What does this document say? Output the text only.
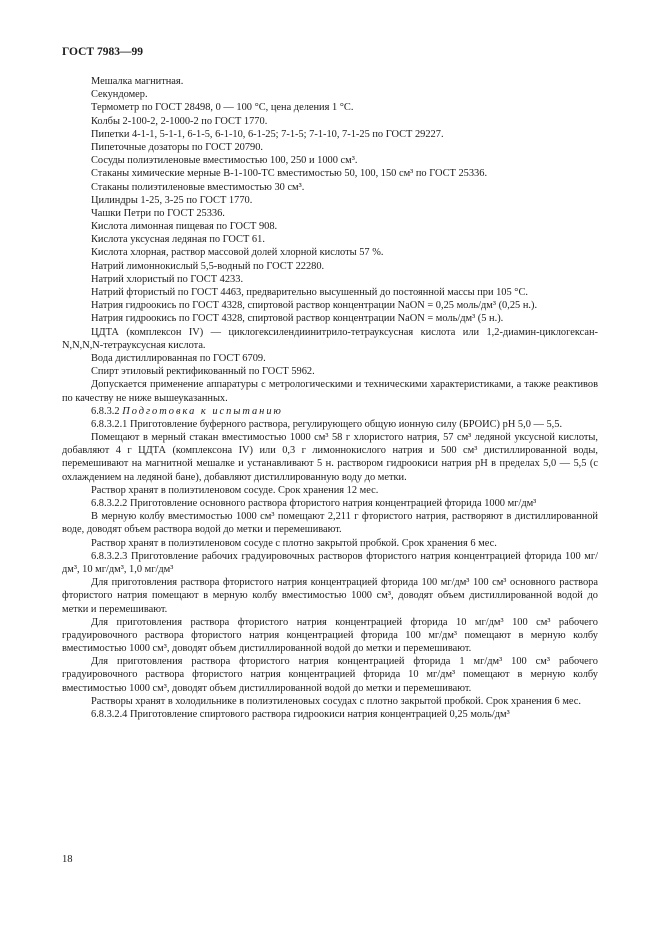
ГОСТ 7983—99

Мешалка магнитная.

Секундомер.

Термометр по ГОСТ 28498, 0 — 100 °С, цена деления 1 °С.

Колбы 2-100-2, 2-1000-2 по ГОСТ 1770.

Пипетки 4-1-1, 5-1-1, 6-1-5, 6-1-10, 6-1-25; 7-1-5; 7-1-10, 7-1-25 по ГОСТ 29227.

Пипеточные дозаторы по ГОСТ 20790.

Сосуды полиэтиленовые вместимостью 100, 250 и 1000 см³.

Стаканы химические мерные В-1-100-ТС вместимостью 50, 100, 150 см³ по ГОСТ 25336.

Стаканы полиэтиленовые вместимостью 30 см³.

Цилиндры 1-25, 3-25 по ГОСТ 1770.

Чашки Петри по ГОСТ 25336.

Кислота лимонная пищевая по ГОСТ 908.

Кислота уксусная ледяная по ГОСТ 61.

Кислота хлорная, раствор массовой долей хлорной кислоты 57 %.

Натрий лимоннокислый 5,5-водный по ГОСТ 22280.

Натрий хлористый по ГОСТ 4233.

Натрий фтористый по ГОСТ 4463, предварительно высушенный до постоянной массы при 105 °С.

Натрия гидроокись по ГОСТ 4328, спиртовой раствор концентрации NaON = 0,25 моль/дм³ (0,25 н.).

Натрия гидроокись по ГОСТ 4328, спиртовой раствор концентрации NaON = моль/дм³ (5 н.).

ЦДТА (комплексон IV) — циклогексилендиинитрило-тетрауксусная кислота или 1,2-диамин-циклогексан-N,N,N,N-тетрауксусная кислота.

Вода дистиллированная по ГОСТ 6709.

Спирт этиловый ректификованный по ГОСТ 5962.

Допускается применение аппаратуры с метрологическими и техническими характеристиками, а также реактивов по качеству не ниже вышеуказанных.

6.8.3.2 Подготовка к испытанию

6.8.3.2.1 Приготовление буферного раствора, регулирующего общую ионную силу (БРОИС) рН 5,0 — 5,5.

Помещают в мерный стакан вместимостью 1000 см³ 58 г хлористого натрия, 57 см³ ледяной уксусной кислоты, добавляют 4 г ЦДТА (комплексона IV) или 0,3 г лимоннокислого натрия и 500 см³ дистиллированной воды, перемешивают на магнитной мешалке и устанавливают 5 н. раствором гидроокиси натрия рН в пределах 5,0 — 5,5 (с охлаждением на ледяной бане), добавляют дистиллированную воду до метки.

Раствор хранят в полиэтиленовом сосуде. Срок хранения 12 мес.

6.8.3.2.2 Приготовление основного раствора фтористого натрия концентрацией фторида 1000 мг/дм³

В мерную колбу вместимостью 1000 см³ помещают 2,211 г фтористого натрия, растворяют в дистиллированной воде, доводят объем раствора водой до метки и перемешивают.

Раствор хранят в полиэтиленовом сосуде с плотно закрытой пробкой. Срок хранения 6 мес.

6.8.3.2.3 Приготовление рабочих градуировочных растворов фтористого натрия концентрацией фторида 100 мг/дм³, 10 мг/дм³, 1,0 мг/дм³

Для приготовления раствора фтористого натрия концентрацией фторида 100 мг/дм³ 100 см³ основного раствора фтористого натрия помещают в мерную колбу вместимостью 1000 см³, доводят объем дистиллированной водой до метки и перемешивают.

Для приготовления раствора фтористого натрия концентрацией фторида 10 мг/дм³ 100 см³ рабочего градуировочного раствора фтористого натрия концентрацией фторида 100 мг/дм³ помещают в мерную колбу вместимостью 1000 см³, доводят объем дистиллированной водой до метки и перемешивают.

Для приготовления раствора фтористого натрия концентрацией фторида 1 мг/дм³ 100 см³ рабочего градуировочного раствора фтористого натрия концентрацией фторида 10 мг/дм³ помещают в мерную колбу вместимостью 1000 см³, доводят объем дистиллированной водой до метки и перемешивают.

Растворы хранят в холодильнике в полиэтиленовых сосудах с плотно закрытой пробкой. Срок хранения 6 мес.

6.8.3.2.4 Приготовление спиртового раствора гидроокиси натрия концентрацией 0,25 моль/дм³

18
